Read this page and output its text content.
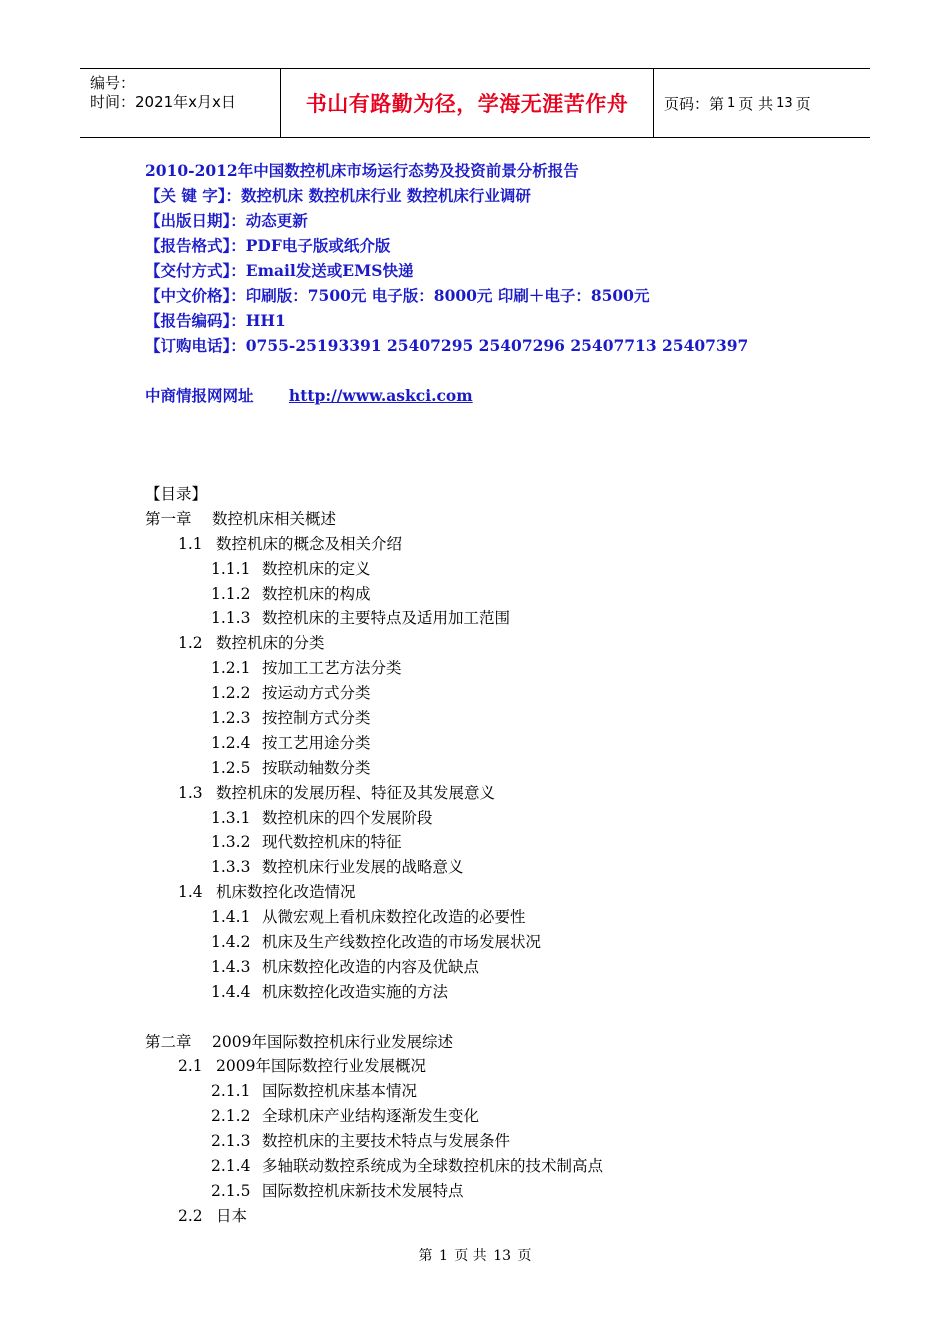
编号：
时间：2021年x月x日	书山有路勤为径，学海无涯苦作舟	页码：第 1 页 共 13 页
2010-2012年中国数控机床市场运行态势及投资前景分析报告
【关 键 字】：数控机床 数控机床行业 数控机床行业调研
【出版日期】：动态更新
【报告格式】：PDF电子版或纸介版
【交付方式】：Email发送或EMS快递
【中文价格】：印刷版：7500元 电子版：8000元 印刷＋电子：8500元
【报告编码】：HH1
【订购电话】：0755-25193391 25407295 25407296 25407713 25407397
中商情报网网址 http://www.askci.com
【目录】
第一章 数控机床相关概述
1.1 数控机床的概念及相关介绍
1.1.1 数控机床的定义
1.1.2 数控机床的构成
1.1.3 数控机床的主要特点及适用加工范围
1.2 数控机床的分类
1.2.1 按加工工艺方法分类
1.2.2 按运动方式分类
1.2.3 按控制方式分类
1.2.4 按工艺用途分类
1.2.5 按联动轴数分类
1.3 数控机床的发展历程、特征及其发展意义
1.3.1 数控机床的四个发展阶段
1.3.2 现代数控机床的特征
1.3.3 数控机床行业发展的战略意义
1.4 机床数控化改造情况
1.4.1 从微宏观上看机床数控化改造的必要性
1.4.2 机床及生产线数控化改造的市场发展状况
1.4.3 机床数控化改造的内容及优缺点
1.4.4 机床数控化改造实施的方法
第二章 2009年国际数控机床行业发展综述
2.1 2009年国际数控行业发展概况
2.1.1 国际数控机床基本情况
2.1.2 全球机床产业结构逐渐发生变化
2.1.3 数控机床的主要技术特点与发展条件
2.1.4 多轴联动数控系统成为全球数控机床的技术制高点
2.1.5 国际数控机床新技术发展特点
2.2 日本
第 1 页 共 13 页
